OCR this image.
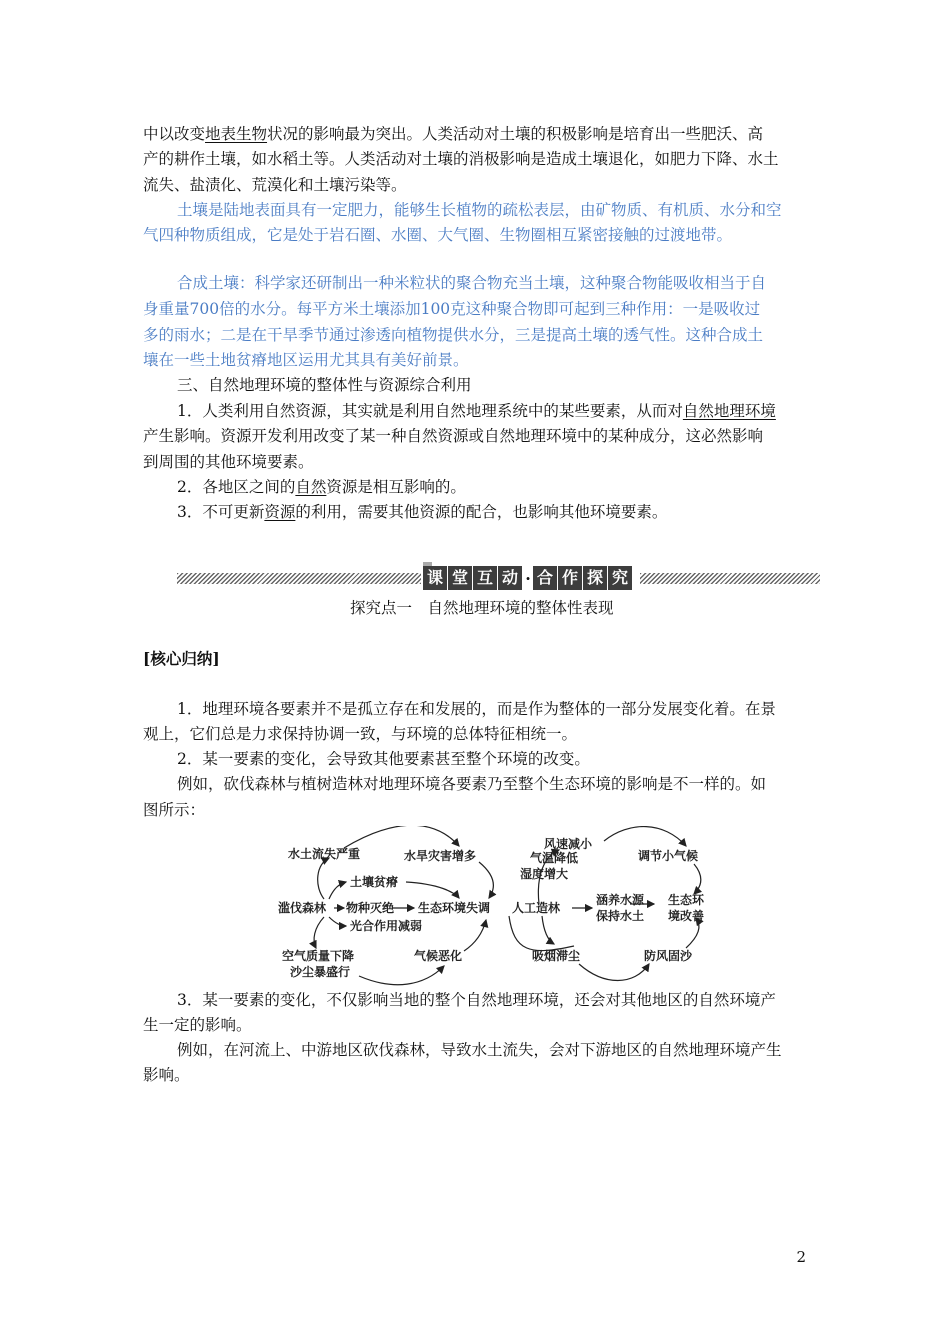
中以改变地表生物状况的影响最为突出。人类活动对土壤的积极影响是培育出一些肥沃、高
产的耕作土壤，如水稻土等。人类活动对土壤的消极影响是造成土壤退化，如肥力下降、水土
流失、盐渍化、荒漠化和土壤污染等。
土壤是陆地表面具有一定肥力，能够生长植物的疏松表层，由矿物质、有机质、水分和空
气四种物质组成，它是处于岩石圈、水圈、大气圈、生物圈相互紧密接触的过渡地带。
合成土壤：科学家还研制出一种米粒状的聚合物充当土壤，这种聚合物能吸收相当于自
身重量700倍的水分。每平方米土壤添加100克这种聚合物即可起到三种作用：一是吸收过
多的雨水；二是在干旱季节通过渗透向植物提供水分，三是提高土壤的透气性。这种合成土
壤在一些土地贫瘠地区运用尤其具有美好前景。
三、自然地理环境的整体性与资源综合利用
1．人类利用自然资源，其实就是利用自然地理系统中的某些要素，从而对自然地理环境
产生影响。资源开发利用改变了某一种自然资源或自然地理环境中的某种成分，这必然影响
到周围的其他环境要素。
2．各地区之间的自然资源是相互影响的。
3．不可更新资源的利用，需要其他资源的配合，也影响其他环境要素。
课 堂 互 动 · 合 作 探 究
探究点一　自然地理环境的整体性表现
[核心归纳]
1．地理环境各要素并不是孤立存在和发展的，而是作为整体的一部分发展变化着。在景
观上，它们总是力求保持协调一致，与环境的总体特征相统一。
2．某一要素的变化，会导致其他要素甚至整个环境的改变。
例如，砍伐森林与植树造林对地理环境各要素乃至整个生态环境的影响是不一样的。如
图所示：
水土流失严重	水旱灾害增多
土壤贫瘠
滥伐森林 物种灭绝 生态环境失调
光合作用减弱
空气质量下降
沙尘暴盛行
气候恶化
风速减小
气温降低
湿度增大
调节小气候
人工造林
涵养水源
保持水土
生态环
境改善
吸烟滞尘	防风固沙
3．某一要素的变化，不仅影响当地的整个自然地理环境，还会对其他地区的自然环境产
生一定的影响。
例如，在河流上、中游地区砍伐森林，导致水土流失，会对下游地区的自然地理环境产生
影响。
2
